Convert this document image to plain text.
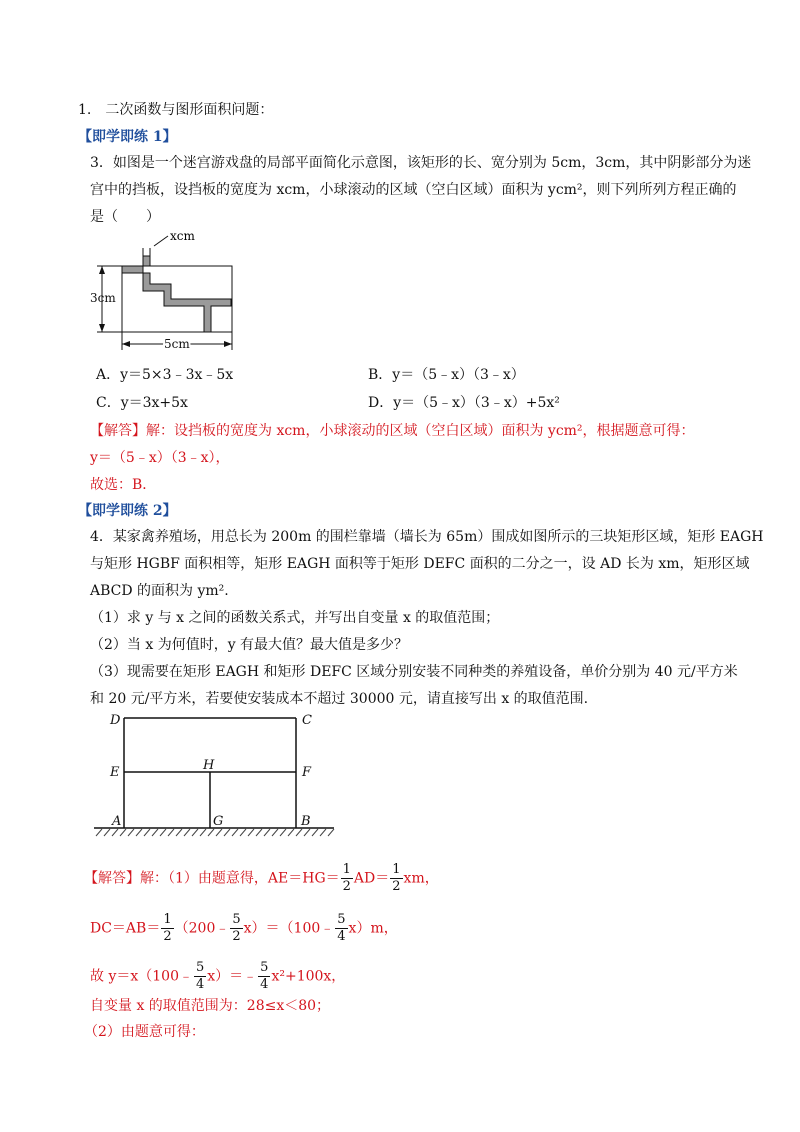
1.　二次函数与图形面积问题：
【即学即练 1】
3．如图是一个迷宫游戏盘的局部平面简化示意图，该矩形的长、宽分别为 5cm，3cm，其中阴影部分为迷
宫中的挡板，设挡板的宽度为 xcm，小球滚动的区域（空白区域）面积为 ycm²，则下列所列方程正确的
是（　　）
xcm
3cm
5cm
A．y＝5×3﹣3x﹣5x	B．y＝（5﹣x）（3﹣x）
C．y＝3x+5x	D．y＝（5﹣x）（3﹣x）+5x²
【解答】解：设挡板的宽度为 xcm，小球滚动的区域（空白区域）面积为 ycm²，根据题意可得：
y＝（5﹣x）（3﹣x），
故选：B．
【即学即练 2】
4．某家禽养殖场，用总长为 200m 的围栏靠墙（墙长为 65m）围成如图所示的三块矩形区域，矩形 EAGH
与矩形 HGBF 面积相等，矩形 EAGH 面积等于矩形 DEFC 面积的二分之一，设 AD 长为 xm，矩形区域
ABCD 的面积为 ym².
（1）求 y 与 x 之间的函数关系式，并写出自变量 x 的取值范围；
（2）当 x 为何值时，y 有最大值？最大值是多少？
（3）现需要在矩形 EAGH 和矩形 DEFC 区域分别安装不同种类的养殖设备，单价分别为 40 元/平方米
和 20 元/平方米，若要使安装成本不超过 30000 元，请直接写出 x 的取值范围.
D	C
E	H	F
A	G	B
【解答】解：（1）由题意得，$AE=HG= \frac{1}{2} AD= \frac{1}{2}$ xm，
$DC=AB= \frac{1}{2}$ （200﹣ $\frac{5}{2}$ x）＝（100﹣ $\frac{5}{4} x)m$，
故 y＝x（100﹣ $\frac{5}{4}$ x）＝﹣ $\frac{5}{4} x^2+100x$，
自变量 x 的取值范围为：28≤x＜80；
（2）由题意可得：
